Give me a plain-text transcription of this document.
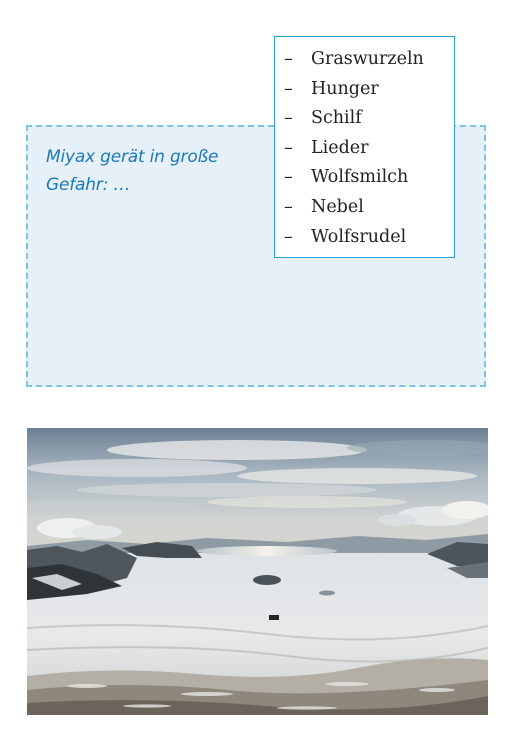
Miyax gerät in große Gefahr: …
– Graswurzeln
– Hunger
– Schilf
– Lieder
– Wolfsmilch
– Nebel
– Wolfsrudel
